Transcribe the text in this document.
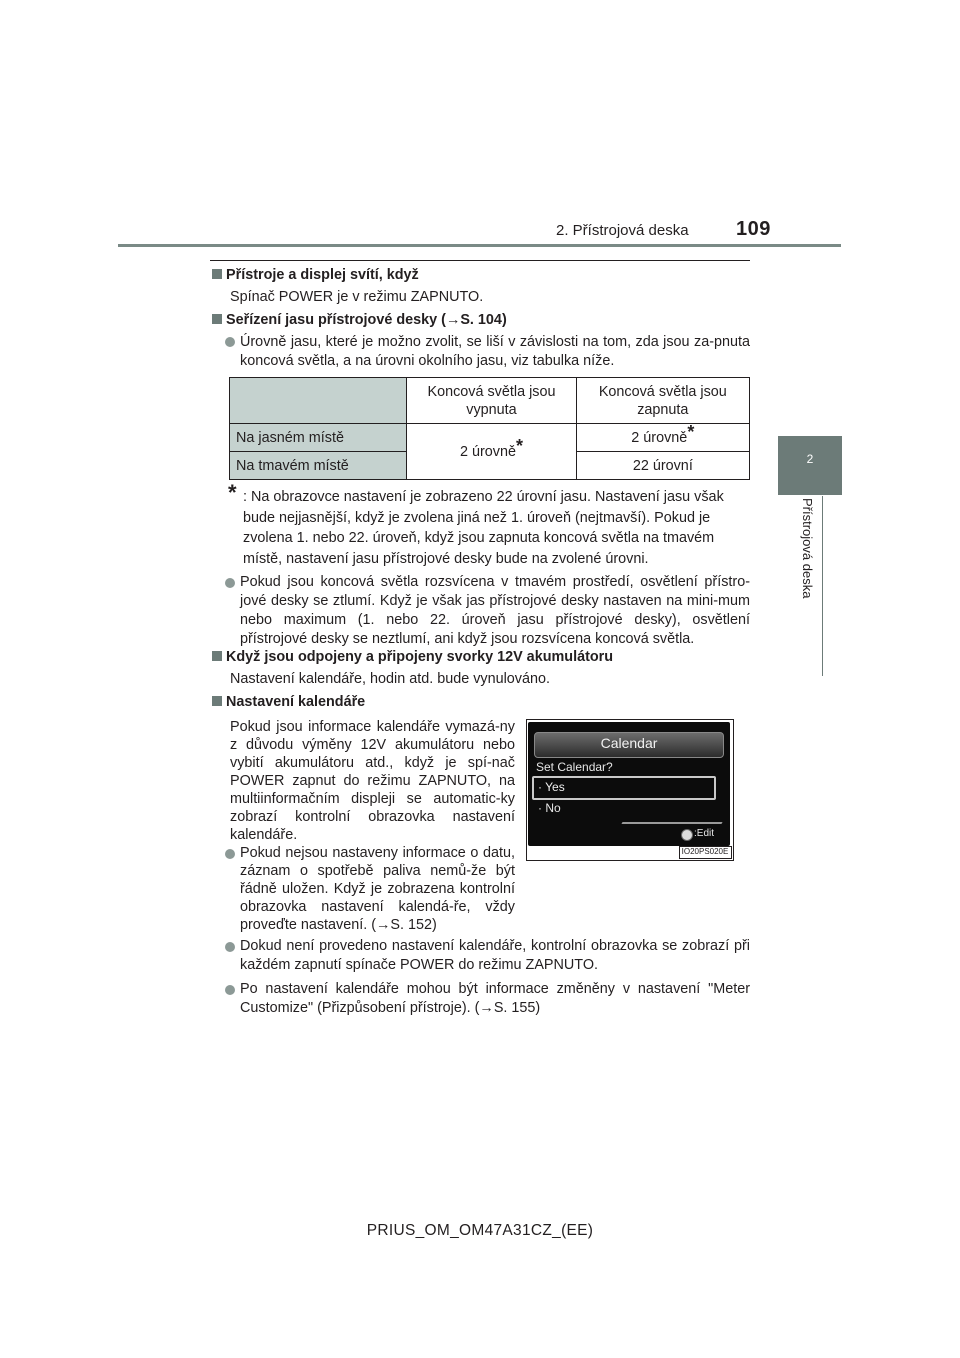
2. Přístrojová deska 109
2
Přístrojová deska
Přístroje a displej svítí, když
Spínač POWER je v režimu ZAPNUTO.
Seřízení jasu přístrojové desky (→S. 104)
Úrovně jasu, které je možno zvolit, se liší v závislosti na tom, zda jsou za-pnuta koncová světla, a na úrovni okolního jasu, viz tabulka níže.
	Koncová světla jsou vypnuta	Koncová světla jsou zapnuta
Na jasném místě	2 úrovně*	2 úrovně*
Na tmavém místě		22 úrovní
* : Na obrazovce nastavení je zobrazeno 22 úrovní jasu. Nastavení jasu však bude nejjasnější, když je zvolena jiná než 1. úroveň (nejtmavší). Pokud je zvolena 1. nebo 22. úroveň, když jsou zapnuta koncová světla na tmavém místě, nastavení jasu přístrojové desky bude na zvolené úrovni.
Pokud jsou koncová světla rozsvícena v tmavém prostředí, osvětlení přístro-jové desky se ztlumí. Když je však jas přístrojové desky nastaven na mini-mum nebo maximum (1. nebo 22. úroveň jasu přístrojové desky), osvětlení přístrojové desky se neztlumí, ani když jsou rozsvícena koncová světla.
Když jsou odpojeny a připojeny svorky 12V akumulátoru
Nastavení kalendáře, hodin atd. bude vynulováno.
Nastavení kalendáře
Pokud jsou informace kalendáře vymazá-ny z důvodu výměny 12V akumulátoru nebo vybití akumulátoru atd., když je spí-nač POWER zapnut do režimu ZAPNUTO, na multiinformačním displeji se automatic-ky zobrazí kontrolní obrazovka nastavení kalendáře.
Pokud nejsou nastaveny informace o datu, záznam o spotřebě paliva nemů-že být řádně uložen. Když je zobrazena kontrolní obrazovka nastavení kalendá-ře, vždy proveďte nastavení. (→S. 152)
Dokud není provedeno nastavení kalendáře, kontrolní obrazovka se zobrazí při každém zapnutí spínače POWER do režimu ZAPNUTO.
Po nastavení kalendáře mohou být informace změněny v nastavení "Meter Customize" (Přizpůsobení přístroje). (→S. 155)
Calendar
Set Calendar?
· Yes
· No
:Edit
IO20PS020E
PRIUS_OM_OM47A31CZ_(EE)
